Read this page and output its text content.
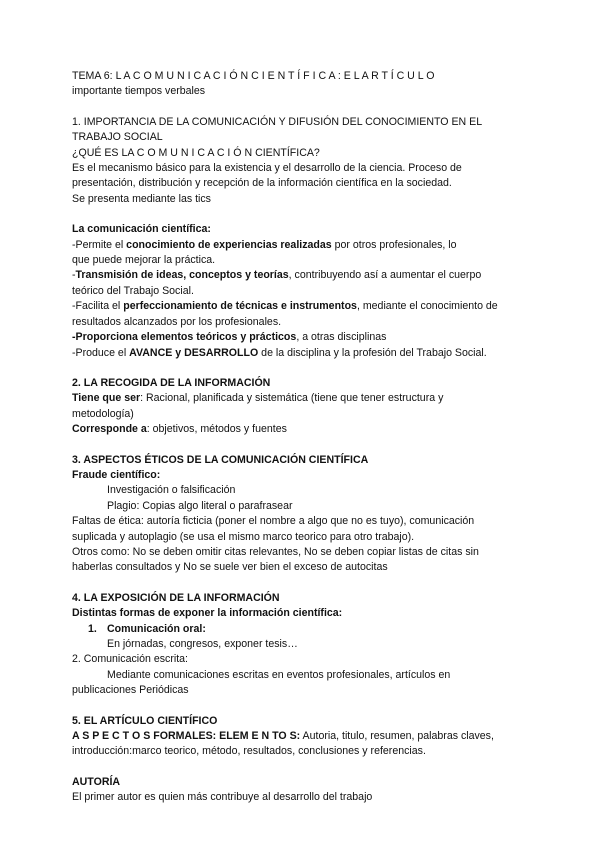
TEMA 6: L A C O M U N I C A C I Ó N C I E N T Í F I C A : E L A R T Í C U L O
importante tiempos verbales
1. IMPORTANCIA DE LA COMUNICACIÓN Y DIFUSIÓN DEL CONOCIMIENTO EN EL
TRABAJO SOCIAL
¿QUÉ ES LA C O M U N I C A C I Ó N CIENTÍFICA?
Es el mecanismo básico para la existencia y el desarrollo de la ciencia. Proceso de
presentación, distribución y recepción de la información científica en la sociedad.
Se presenta mediante las tics
La comunicación científica:
-Permite el conocimiento de experiencias realizadas por otros profesionales, lo
que puede mejorar la práctica.
-Transmisión de ideas, conceptos y teorías, contribuyendo así a aumentar el cuerpo
teórico del Trabajo Social.
-Facilita el perfeccionamiento de técnicas e instrumentos, mediante el conocimiento de
resultados alcanzados por los profesionales.
-Proporciona elementos teóricos y prácticos, a otras disciplinas
-Produce el AVANCE y DESARROLLO de la disciplina y la profesión del Trabajo Social.
2. LA RECOGIDA DE LA INFORMACIÓN
Tiene que ser: Racional, planificada y sistemática (tiene que tener estructura y
metodología)
Corresponde a: objetivos, métodos y fuentes
3. ASPECTOS ÉTICOS DE LA COMUNICACIÓN CIENTÍFICA
Fraude científico:
Investigación o falsificación
Plagio: Copias algo literal o parafrasear
Faltas de ética: autoría ficticia (poner el nombre a algo que no es tuyo), comunicación
suplicada y autoplagio (se usa el mismo marco teorico para otro trabajo).
Otros como: No se deben omitir citas relevantes, No se deben copiar listas de citas sin
haberlas consultados y No se suele ver bien el exceso de autocitas
4. LA EXPOSICIÓN DE LA INFORMACIÓN
Distintas formas de exponer la información científica:
1. Comunicación oral:
En jórnadas, congresos, exponer tesis…
2. Comunicación escrita:
Mediante comunicaciones escritas en eventos profesionales, artículos en
publicaciones Periódicas
5. EL ARTÍCULO CIENTÍFICO
A S P E C T O S FORMALES: ELEM E N TO S: Autoria, titulo, resumen, palabras claves,
introducción:marco teorico, método, resultados, conclusiones y referencias.
AUTORÍA
El primer autor es quien más contribuye al desarrollo del trabajo
